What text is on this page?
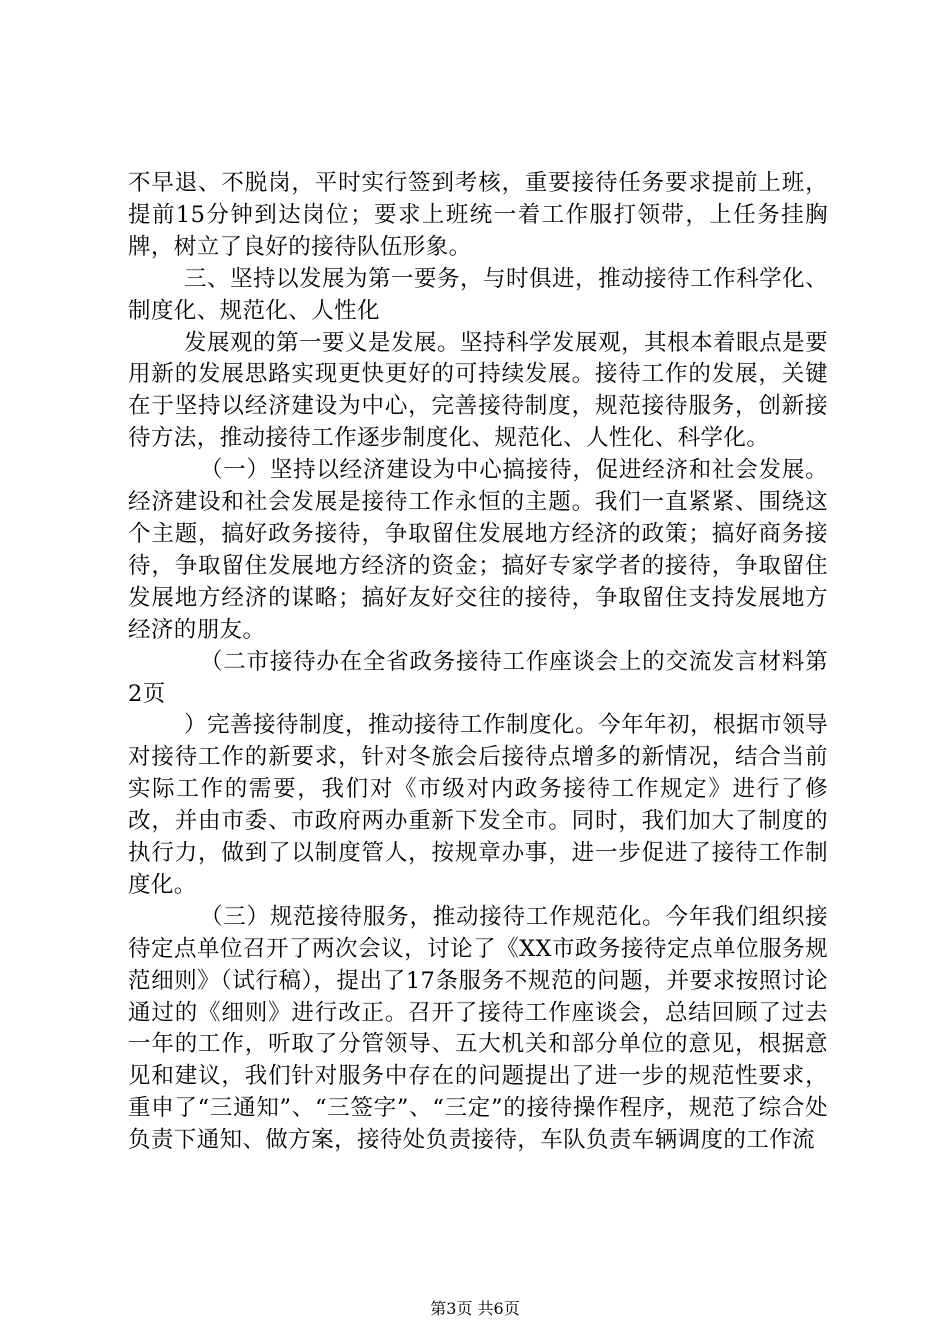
不早退、不脱岗，平时实行签到考核，重要接待任务要求提前上班，提前15分钟到达岗位；要求上班统一着工作服打领带，上任务挂胸牌，树立了良好的接待队伍形象。

三、坚持以发展为第一要务，与时俱进，推动接待工作科学化、制度化、规范化、人性化

发展观的第一要义是发展。坚持科学发展观，其根本着眼点是要用新的发展思路实现更快更好的可持续发展。接待工作的发展，关键在于坚持以经济建设为中心，完善接待制度，规范接待服务，创新接待方法，推动接待工作逐步制度化、规范化、人性化、科学化。

（一）坚持以经济建设为中心搞接待，促进经济和社会发展。经济建设和社会发展是接待工作永恒的主题。我们一直紧紧、围绕这个主题，搞好政务接待，争取留住发展地方经济的政策；搞好商务接待，争取留住发展地方经济的资金；搞好专家学者的接待，争取留住发展地方经济的谋略；搞好友好交往的接待，争取留住支持发展地方经济的朋友。

（二市接待办在全省政务接待工作座谈会上的交流发言材料第2页

）完善接待制度，推动接待工作制度化。今年年初，根据市领导对接待工作的新要求，针对冬旅会后接待点增多的新情况，结合当前实际工作的需要，我们对《市级对内政务接待工作规定》进行了修改，并由市委、市政府两办重新下发全市。同时，我们加大了制度的执行力，做到了以制度管人，按规章办事，进一步促进了接待工作制度化。

（三）规范接待服务，推动接待工作规范化。今年我们组织接待定点单位召开了两次会议，讨论了《XX市政务接待定点单位服务规范细则》（试行稿），提出了17条服务不规范的问题，并要求按照讨论通过的《细则》进行改正。召开了接待工作座谈会，总结回顾了过去一年的工作，听取了分管领导、五大机关和部分单位的意见，根据意见和建议，我们针对服务中存在的问题提出了进一步的规范性要求，重申了“三通知”、“三签字”、“三定”的接待操作程序，规范了综合处负责下通知、做方案，接待处负责接待，车队负责车辆调度的工作流

第3页 共6页
